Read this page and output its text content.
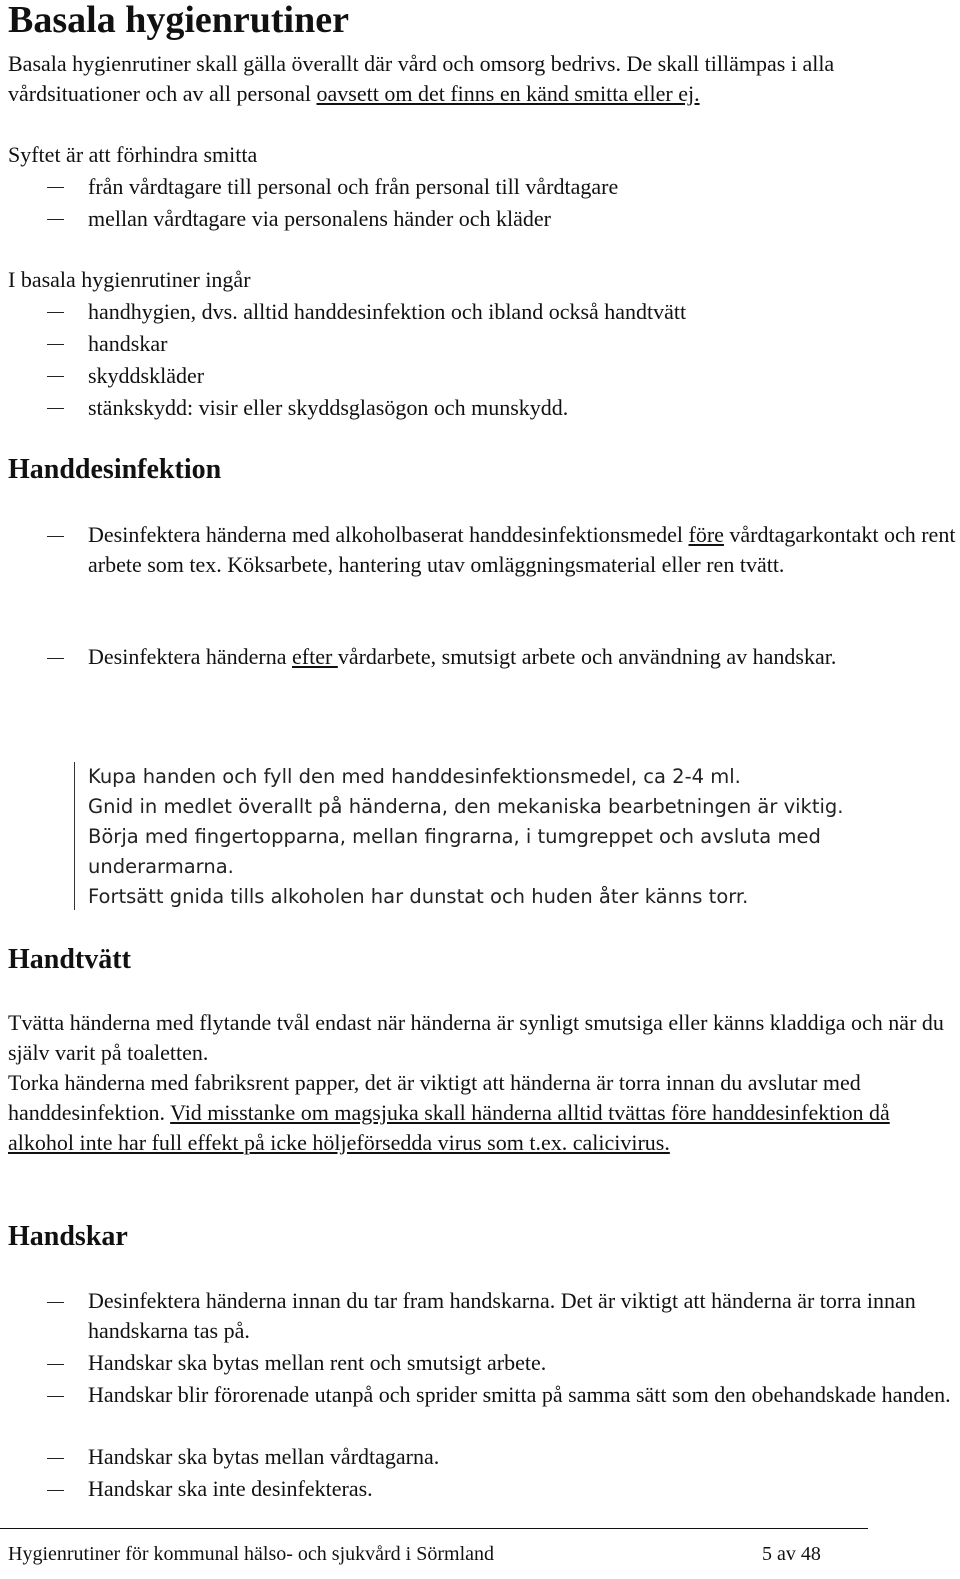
Basala hygienrutiner

Basala hygienrutiner skall gälla överallt där vård och omsorg bedrivs. De skall tillämpas i alla vårdsituationer och av all personal oavsett om det finns en känd smitta eller ej.

Syftet är att förhindra smitta
från vårdtagare till personal och från personal till vårdtagare
mellan vårdtagare via personalens händer och kläder
I basala hygienrutiner ingår
handhygien, dvs. alltid handdesinfektion och ibland också handtvätt
handskar
skyddskläder
stänkskydd: visir eller skyddsglasögon och munskydd.
Handdesinfektion
Desinfektera händerna med alkoholbaserat handdesinfektionsmedel före vårdtagarkontakt och rent arbete som tex. Köksarbete, hantering utav omläggningsmaterial eller ren tvätt.
Desinfektera händerna efter vårdarbete, smutsigt arbete och användning av handskar.
Kupa handen och fyll den med handdesinfektionsmedel, ca 2-4 ml.
Gnid in medlet överallt på händerna, den mekaniska bearbetningen är viktig.
Börja med fingertopparna, mellan fingrarna, i tumgreppet och avsluta med
underarmarna.
Fortsätt gnida tills alkoholen har dunstat och huden åter känns torr.
Handtvätt

Tvätta händerna med flytande tvål endast när händerna är synligt smutsiga eller känns kladdiga och när du själv varit på toaletten.
Torka händerna med fabriksrent papper, det är viktigt att händerna är torra innan du avslutar med handdesinfektion. Vid misstanke om magsjuka skall händerna alltid tvättas före handdesinfektion då alkohol inte har full effekt på icke höljeförsedda virus som t.ex. calicivirus.

Handskar
Desinfektera händerna innan du tar fram handskarna. Det är viktigt att händerna är torra innan handskarna tas på.
Handskar ska bytas mellan rent och smutsigt arbete.
Handskar blir förorenade utanpå och sprider smitta på samma sätt som den obehandskade handen.
Handskar ska bytas mellan vårdtagarna.
Handskar ska inte desinfekteras.
Hygienrutiner för kommunal hälso- och sjukvård i Sörmland	5 av 48
